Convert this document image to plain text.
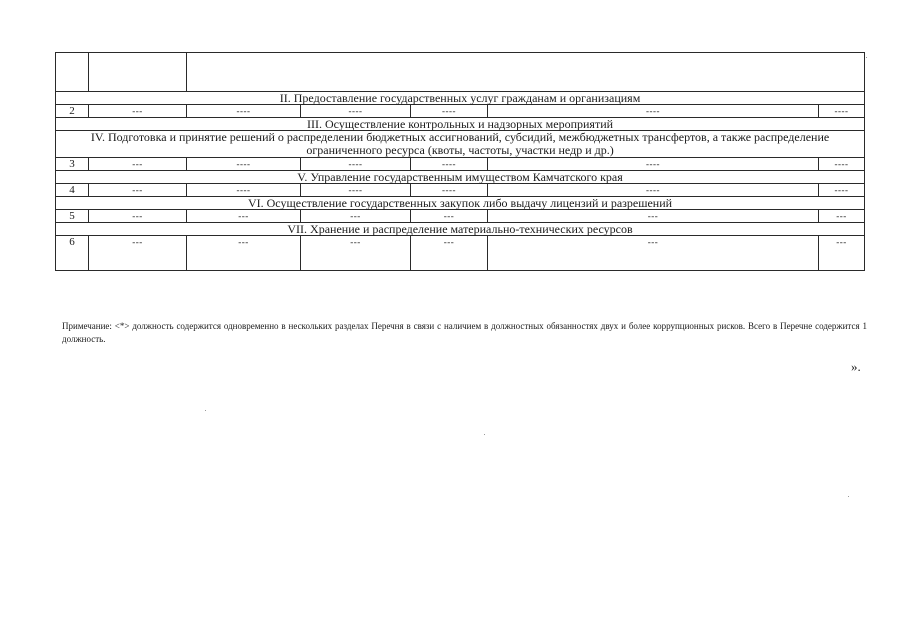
II. Предоставление государственных услуг гражданам и организациям						
2	---	----	----	----	----	----
III. Осуществление контрольных и надзорных мероприятий						
IV. Подготовка и принятие решений о распределении бюджетных ассигнований, субсидий, межбюджетных трансфертов, а также распределение ограниченного ресурса (квоты, частоты, участки недр и др.)						
3	---	----	----	----	----	----
V. Управление государственным имуществом Камчатского края						
4	---	----	----	----	----	----
VI. Осуществление государственных закупок либо выдачу лицензий и разрешений						
5	---	---	---	---	---	---
VII. Хранение и распределение материально-технических ресурсов						
6	---	---	---	---	---	---
Примечание: <*> должность содержится одновременно в нескольких разделах Перечня в связи с наличием в должностных обязанностях двух и более коррупционных рисков. Всего в Перечне содержится 1 должность.
».
